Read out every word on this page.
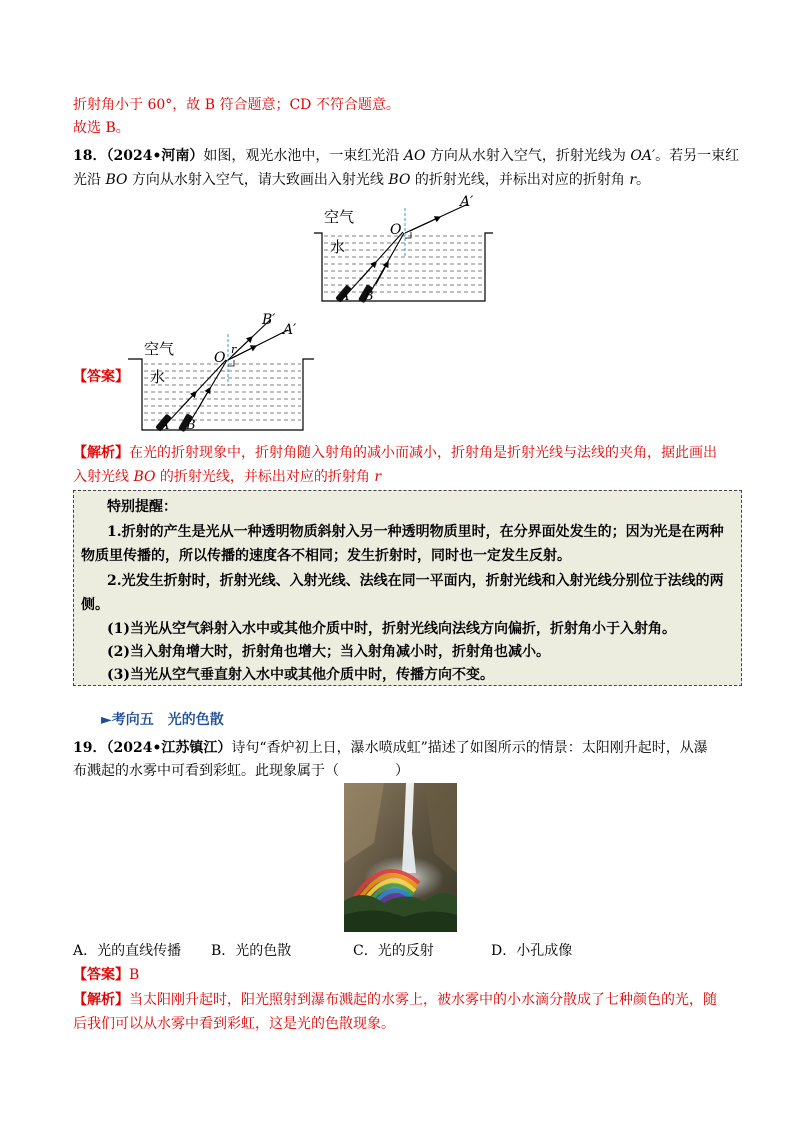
折射角小于 60°，故 B 符合题意；CD 不符合题意。
故选 B。
18．（2024•河南）如图，观光水池中，一束红光沿 AO 方向从水射入空气，折射光线为 OA′。若另一束红
光沿 BO 方向从水射入空气，请大致画出入射光线 BO 的折射光线，并标出对应的折射角 r。
空气
水
O
A′
A B
【答案】
空气
水
O
r
A′
B′
A B
【解析】在光的折射现象中，折射角随入射角的减小而减小，折射角是折射光线与法线的夹角，据此画出
入射光线 BO 的折射光线，并标出对应的折射角 r
特别提醒：
1.折射的产生是光从一种透明物质斜射入另一种透明物质里时，在分界面处发生的；因为光是在两种
物质里传播的，所以传播的速度各不相同；发生折射时，同时也一定发生反射。
2.光发生折射时，折射光线、入射光线、法线在同一平面内，折射光线和入射光线分别位于法线的两
侧。
(1)当光从空气斜射入水中或其他介质中时，折射光线向法线方向偏折，折射角小于入射角。
(2)当入射角增大时，折射角也增大；当入射角减小时，折射角也减小。
(3)当光从空气垂直射入水中或其他介质中时，传播方向不变。
►考向五　光的色散
19．（2024•江苏镇江）诗句“香炉初上日，瀑水喷成虹”描述了如图所示的情景：太阳刚升起时，从瀑
布溅起的水雾中可看到彩虹。此现象属于（　　　　）
A．光的直线传播 B．光的色散	C．光的反射	D．小孔成像
【答案】B
【解析】当太阳刚升起时，阳光照射到瀑布溅起的水雾上，被水雾中的小水滴分散成了七种颜色的光，随
后我们可以从水雾中看到彩虹，这是光的色散现象。
